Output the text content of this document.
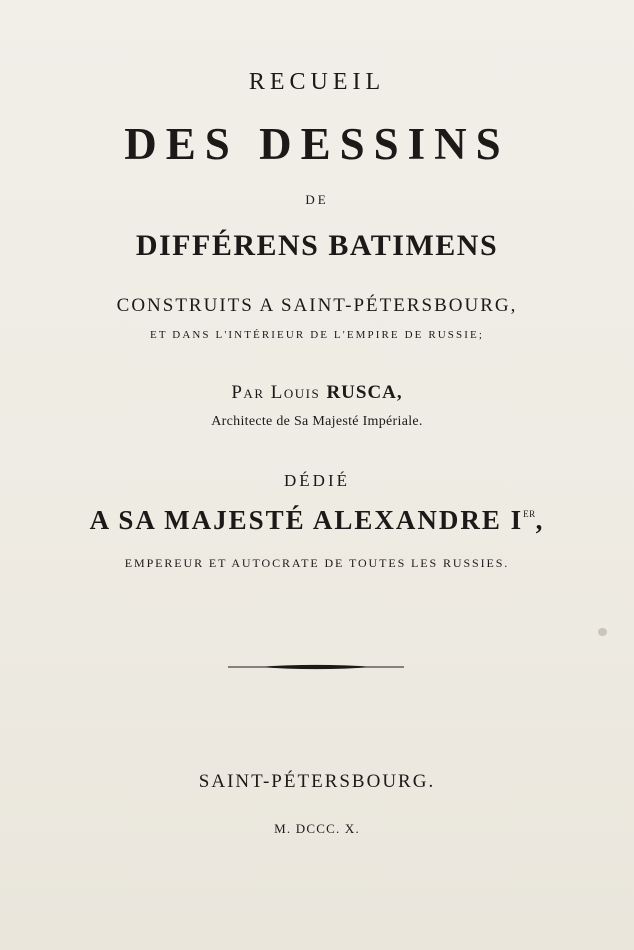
RECUEIL
DES DESSINS
DE
DIFFÉRENS BATIMENS
CONSTRUITS A SAINT-PÉTERSBOURG,
ET DANS L'INTÉRIEUR DE L'EMPIRE DE RUSSIE;
Par Louis RUSCA,
Architecte de Sa Majesté Impériale.
DÉDIÉ
A SA MAJESTÉ ALEXANDRE IER,
EMPEREUR ET AUTOCRATE DE TOUTES LES RUSSIES.
SAINT-PÉTERSBOURG.
M. DCCC. X.
